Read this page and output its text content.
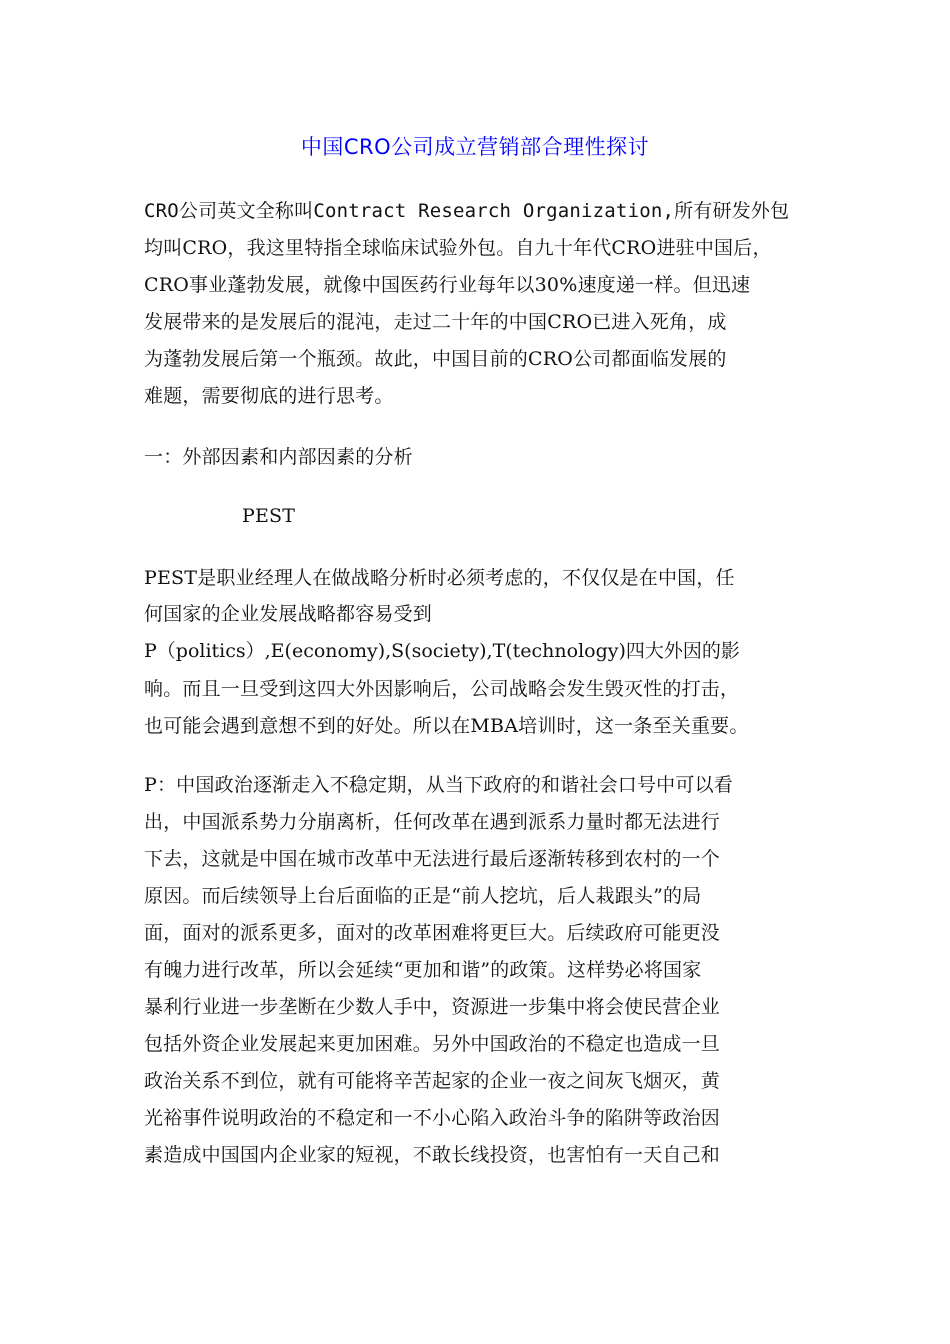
中国CRO公司成立营销部合理性探讨
CRO公司英文全称叫Contract Research Organization,所有研发外包
均叫CRO，我这里特指全球临床试验外包。自九十年代CRO进驻中国后，
CRO事业蓬勃发展，就像中国医药行业每年以30%速度递一样。但迅速
发展带来的是发展后的混沌，走过二十年的中国CRO已进入死角，成
为蓬勃发展后第一个瓶颈。故此，中国目前的CRO公司都面临发展的
难题，需要彻底的进行思考。
一：外部因素和内部因素的分析
PEST
PEST是职业经理人在做战略分析时必须考虑的，不仅仅是在中国，任
何国家的企业发展战略都容易受到
P（politics）,E(economy),S(society),T(technology)四大外因的影
响。而且一旦受到这四大外因影响后，公司战略会发生毁灭性的打击，
也可能会遇到意想不到的好处。所以在MBA培训时，这一条至关重要。
P：中国政治逐渐走入不稳定期，从当下政府的和谐社会口号中可以看
出，中国派系势力分崩离析，任何改革在遇到派系力量时都无法进行
下去，这就是中国在城市改革中无法进行最后逐渐转移到农村的一个
原因。而后续领导上台后面临的正是“前人挖坑，后人栽跟头”的局
面，面对的派系更多，面对的改革困难将更巨大。后续政府可能更没
有魄力进行改革，所以会延续“更加和谐”的政策。这样势必将国家
暴利行业进一步垄断在少数人手中，资源进一步集中将会使民营企业
包括外资企业发展起来更加困难。另外中国政治的不稳定也造成一旦
政治关系不到位，就有可能将辛苦起家的企业一夜之间灰飞烟灭，黄
光裕事件说明政治的不稳定和一不小心陷入政治斗争的陷阱等政治因
素造成中国国内企业家的短视，不敢长线投资，也害怕有一天自己和
